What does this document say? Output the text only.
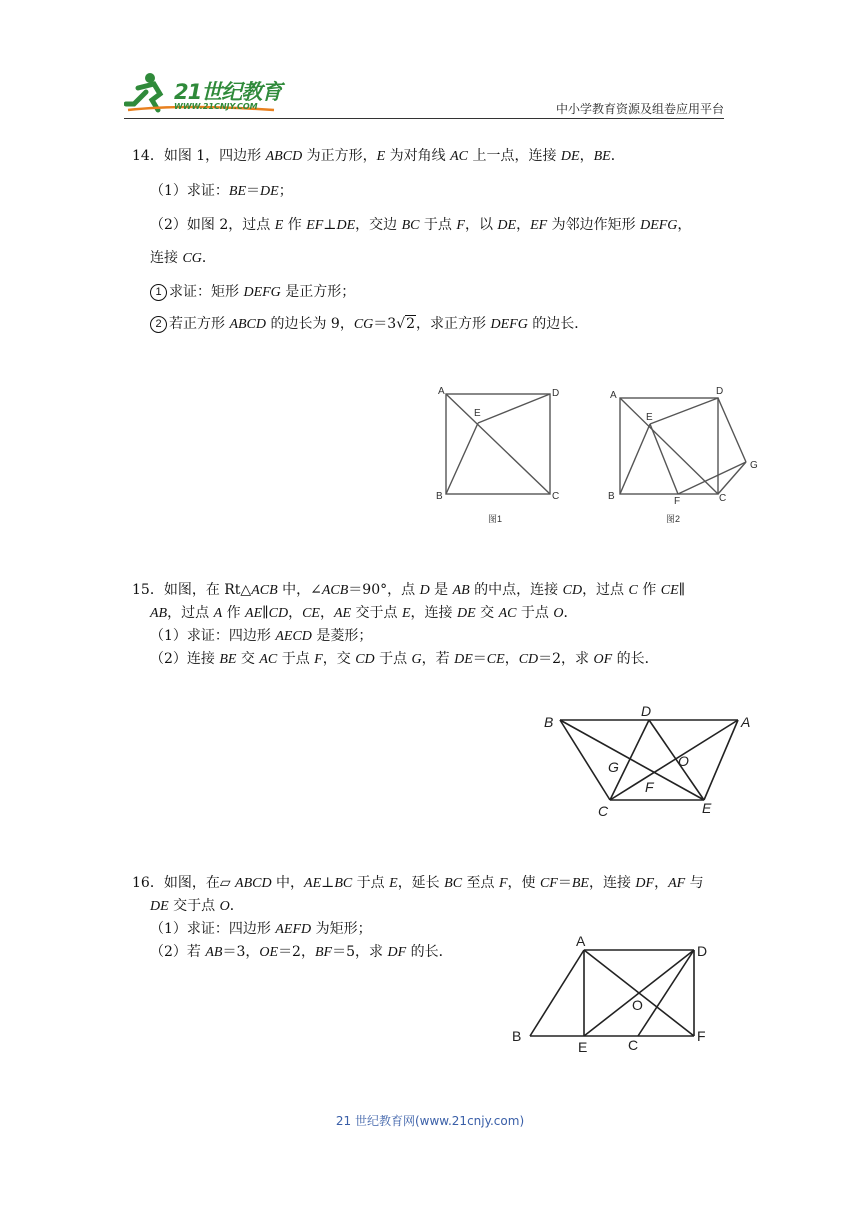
21世纪教育
WWW.21CNJY.COM	中小学教育资源及组卷应用平台
14．如图 1，四边形 ABCD 为正方形，E 为对角线 AC 上一点，连接 DE，BE．
（1）求证：BE＝DE；
（2）如图 2，过点 E 作 EF⊥DE，交边 BC 于点 F，以 DE，EF 为邻边作矩形 DEFG，
连接 CG．
1 求证：矩形 DEFG 是正方形；
2 若正方形 ABCD 的边长为 9，CG＝3√2，求正方形 DEFG 的边长．
A	D
E
B	C
图1
A	D
E
G
B	F	C
图2
15．如图，在 Rt△ACB 中，∠ACB＝90°，点 D 是 AB 的中点，连接 CD，过点 C 作 CE∥
AB，过点 A 作 AE∥CD，CE，AE 交于点 E，连接 DE 交 AC 于点 O．
（1）求证：四边形 AECD 是菱形；
（2）连接 BE 交 AC 于点 F，交 CD 于点 G，若 DE＝CE，CD＝2，求 OF 的长．
B
D
A
G	O
F
C	E
16．如图，在▱ ABCD 中，AE⊥BC 于点 E，延长 BC 至点 F，使 CF＝BE，连接 DF，AF 与
DE 交于点 O．
（1）求证：四边形 AEFD 为矩形；
（2）若 AB＝3，OE＝2，BF＝5，求 DF 的长．
A
D
O
B
E	C
F
21 世纪教育网(www.21cnjy.com)
